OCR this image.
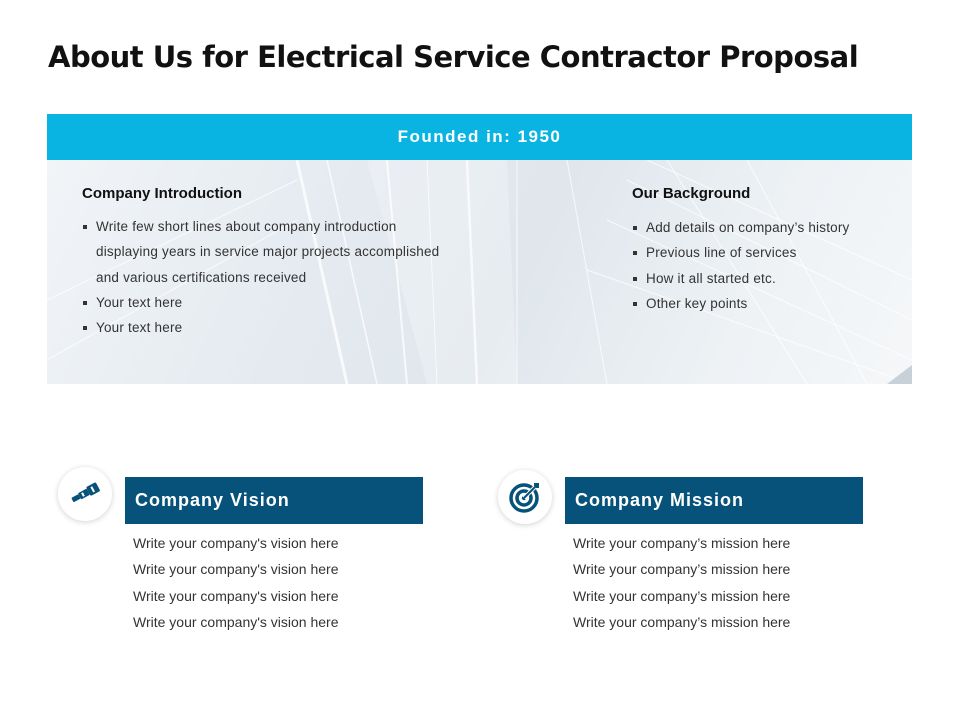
About Us for Electrical Service Contractor Proposal
Founded in: 1950
Company Introduction
Write few short lines about company introduction displaying years in service major projects accomplished and various certifications received
Your text here
Your text here
Our Background
Add details on company’s history
Previous line of services
How it all started etc.
Other key points
Company Vision
Write your company's vision here
Write your company's vision here
Write your company's vision here
Write your company's vision here
Company Mission
Write your company’s mission here
Write your company’s mission here
Write your company’s mission here
Write your company’s mission here
